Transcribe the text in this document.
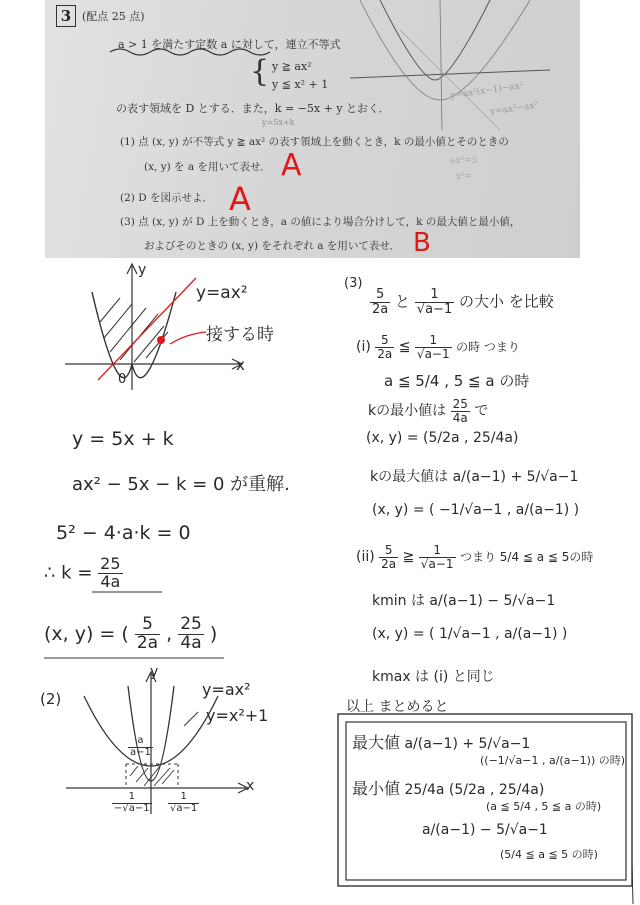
3 (配点 25 点)
a > 1 を満たす定数 a に対して，連立不等式
{ y ≧ ax²
y ≦ x² + 1
の表す領域を D とする．また，k = −5x + y とおく．
y=5x+k
(1) 点 (x, y) が不等式 y ≧ ax² の表す領域上を動くとき，k の最小値とそのときの
(x, y) を a を用いて表せ．
(2) D を図示せよ．
(3) 点 (x, y) が D 上を動くとき，a の値により場合分けして，k の最大値と最小値，
およびそのときの (x, y) をそれぞれ a を用いて表せ．
A
A
B
y=ax²(x−1)−ax²
y=ax²−ax²
ax²=5
x²=
y=ax²
接する時
x
y
0
y = 5x + k
ax² − 5x − k = 0 が重解.
5² − 4·a·k = 0
∴ $k = \frac{25}{4a}$
(x, y) = ( $\frac{5}{2a}$ , $\frac{25}{4a}$ )
(2)	y=ax²
y=x²+1
x
y
$\frac{a}{a-1}$
$\frac{1}{-√a-1} \frac{1}{√a-1}$
(3)
$\frac{5}{2a}$ と $\frac{1}{√a-1}$ の大小 を比較
$(i) \frac{5}{2a}$ ≦ $\frac{1}{√a-1}$ の時 つまり
a ≦ 5/4 , 5 ≦ a の時
kの最小値は $\frac{25}{4a}$ で
(x, y) = (5/2a , 25/4a)
kの最大値は a/(a−1) + 5/√a−1
(x, y) = ( −1/√a−1 , a/(a−1) )
$(ii) \frac{5}{2a}$ ≧ $\frac{1}{√a-1}$ つまり 5/4 ≦ a ≦ 5の時
kmin は a/(a−1) − 5/√a−1
(x, y) = ( 1/√a−1 , a/(a−1) )
kmax は (i) と同じ
以上 まとめると
最大値 a/(a−1) + 5/√a−1
((−1/√a−1 , a/(a−1)) の時)
最小値 25/4a (5/2a , 25/4a)
(a ≦ 5/4 , 5 ≦ a の時)
a/(a−1) − 5/√a−1
(5/4 ≦ a ≦ 5 の時)
